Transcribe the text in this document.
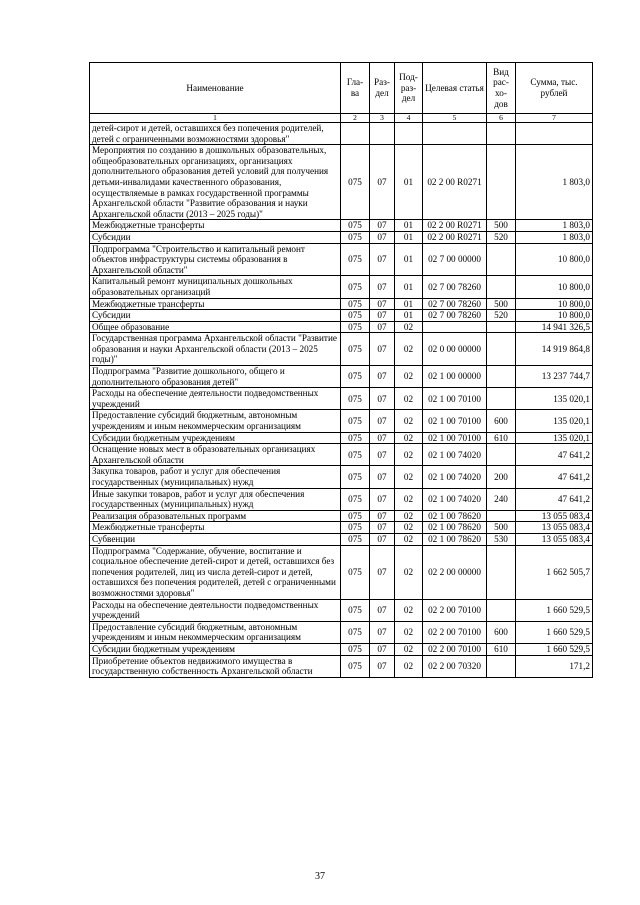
Наименование	Гла-ва	Раз-дел	Под-раз-дел	Целевая статья	Вид рас-хо-дов	Сумма, тыс. рублей
1	2	3	4	5	6	7
детей-сирот и детей, оставшихся без попечения родителей, детей с ограниченными возможностями здоровья"						
Мероприятия по созданию в дошкольных образовательных, общеобразовательных организациях, организациях дополнительного образования детей условий для получения детьми-инвалидами качественного образования, осуществляемые в рамках государственной программы Архангельской области "Развитие образования и науки Архангельской области (2013 – 2025 годы)"	075	07	01	02 2 00 R0271		1 803,0
Межбюджетные трансферты	075	07	01	02 2 00 R0271	500	1 803,0
Субсидии	075	07	01	02 2 00 R0271	520	1 803,0
Подпрограмма "Строительство и капитальный ремонт объектов инфраструктуры системы образования в Архангельской области"	075	07	01	02 7 00 00000		10 800,0
Капитальный ремонт муниципальных дошкольных образовательных организаций	075	07	01	02 7 00 78260		10 800,0
Межбюджетные трансферты	075	07	01	02 7 00 78260	500	10 800,0
Субсидии	075	07	01	02 7 00 78260	520	10 800,0
Общее образование	075	07	02			14 941 326,5
Государственная программа Архангельской области "Развитие образования и науки Архангельской области (2013 – 2025 годы)"	075	07	02	02 0 00 00000		14 919 864,8
Подпрограмма "Развитие дошкольного, общего и дополнительного образования детей"	075	07	02	02 1 00 00000		13 237 744,7
Расходы на обеспечение деятельности подведомственных учреждений	075	07	02	02 1 00 70100		135 020,1
Предоставление субсидий бюджетным, автономным учреждениям и иным некоммерческим организациям	075	07	02	02 1 00 70100	600	135 020,1
Субсидии бюджетным учреждениям	075	07	02	02 1 00 70100	610	135 020,1
Оснащение новых мест в образовательных организациях Архангельской области	075	07	02	02 1 00 74020		47 641,2
Закупка товаров, работ и услуг для обеспечения государственных (муниципальных) нужд	075	07	02	02 1 00 74020	200	47 641,2
Иные закупки товаров, работ и услуг для обеспечения государственных (муниципальных) нужд	075	07	02	02 1 00 74020	240	47 641,2
Реализация образовательных программ	075	07	02	02 1 00 78620		13 055 083,4
Межбюджетные трансферты	075	07	02	02 1 00 78620	500	13 055 083,4
Субвенции	075	07	02	02 1 00 78620	530	13 055 083,4
Подпрограмма "Содержание, обучение, воспитание и социальное обеспечение детей-сирот и детей, оставшихся без попечения родителей, лиц из числа детей-сирот и детей, оставшихся без попечения родителей, детей с ограниченными возможностями здоровья"	075	07	02	02 2 00 00000		1 662 505,7
Расходы на обеспечение деятельности подведомственных учреждений	075	07	02	02 2 00 70100		1 660 529,5
Предоставление субсидий бюджетным, автономным учреждениям и иным некоммерческим организациям	075	07	02	02 2 00 70100	600	1 660 529,5
Субсидии бюджетным учреждениям	075	07	02	02 2 00 70100	610	1 660 529,5
Приобретение объектов недвижимого имущества в государственную собственность Архангельской области	075	07	02	02 2 00 70320		171,2
37
